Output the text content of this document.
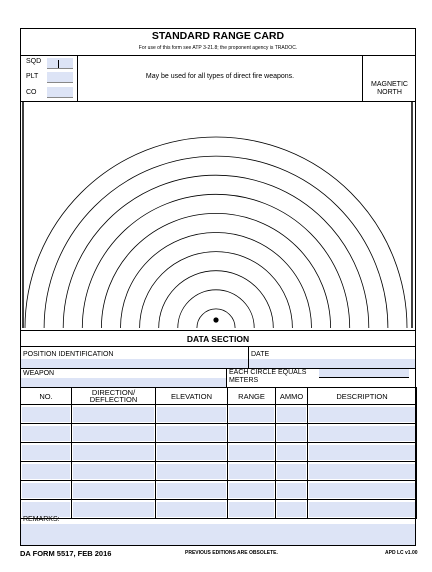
STANDARD RANGE CARD
For use of this form see ATP 3-21.8; the proponent agency is TRADOC.
SQD
PLT
CO
May be used for all types of direct fire weapons.
MAGNETIC
NORTH
DATA SECTION
POSITION IDENTIFICATION	DATE
WEAPON	EACH CIRCLE EQUALS
METERS
NO.	DIRECTION/
DEFLECTION	ELEVATION	RANGE	AMMO	DESCRIPTION

REMARKS:
DA FORM 5517, FEB 2016	PREVIOUS EDITIONS ARE OBSOLETE.	APD LC v1.00
